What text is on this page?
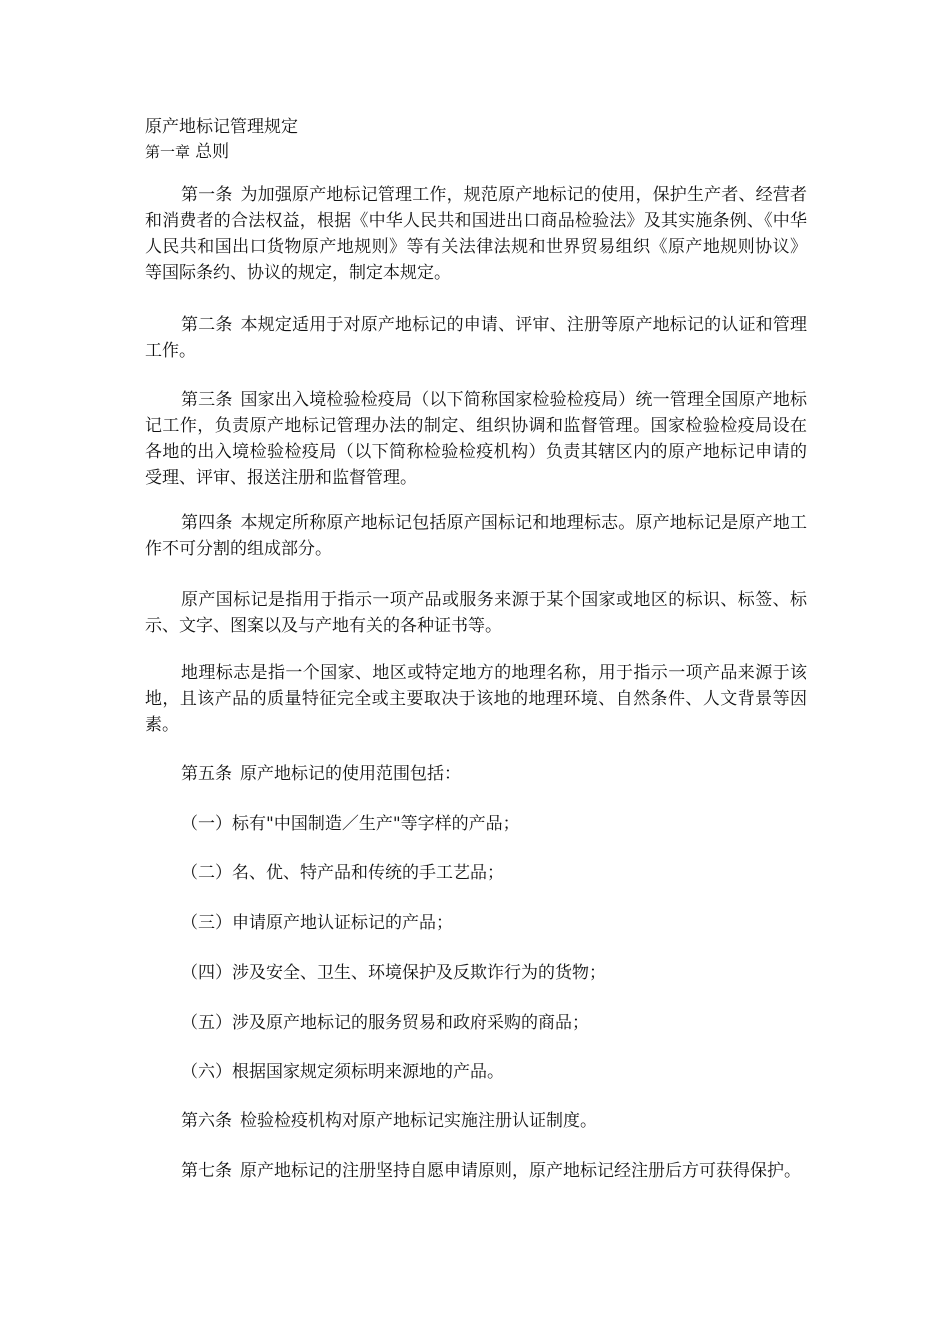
原产地标记管理规定
第一章 总则

第一条 为加强原产地标记管理工作，规范原产地标记的使用，保护生产者、经营者和消费者的合法权益，根据《中华人民共和国进出口商品检验法》及其实施条例、《中华人民共和国出口货物原产地规则》等有关法律法规和世界贸易组织《原产地规则协议》等国际条约、协议的规定，制定本规定。

第二条 本规定适用于对原产地标记的申请、评审、注册等原产地标记的认证和管理工作。

第三条 国家出入境检验检疫局（以下简称国家检验检疫局）统一管理全国原产地标记工作，负责原产地标记管理办法的制定、组织协调和监督管理。国家检验检疫局设在各地的出入境检验检疫局（以下简称检验检疫机构）负责其辖区内的原产地标记申请的受理、评审、报送注册和监督管理。

第四条 本规定所称原产地标记包括原产国标记和地理标志。原产地标记是原产地工作不可分割的组成部分。

原产国标记是指用于指示一项产品或服务来源于某个国家或地区的标识、标签、标示、文字、图案以及与产地有关的各种证书等。

地理标志是指一个国家、地区或特定地方的地理名称，用于指示一项产品来源于该地，且该产品的质量特征完全或主要取决于该地的地理环境、自然条件、人文背景等因素。

第五条 原产地标记的使用范围包括：

（一）标有"中国制造／生产"等字样的产品；

（二）名、优、特产品和传统的手工艺品；

（三）申请原产地认证标记的产品；

（四）涉及安全、卫生、环境保护及反欺诈行为的货物；

（五）涉及原产地标记的服务贸易和政府采购的商品；

（六）根据国家规定须标明来源地的产品。

第六条 检验检疫机构对原产地标记实施注册认证制度。

第七条 原产地标记的注册坚持自愿申请原则，原产地标记经注册后方可获得保护。
